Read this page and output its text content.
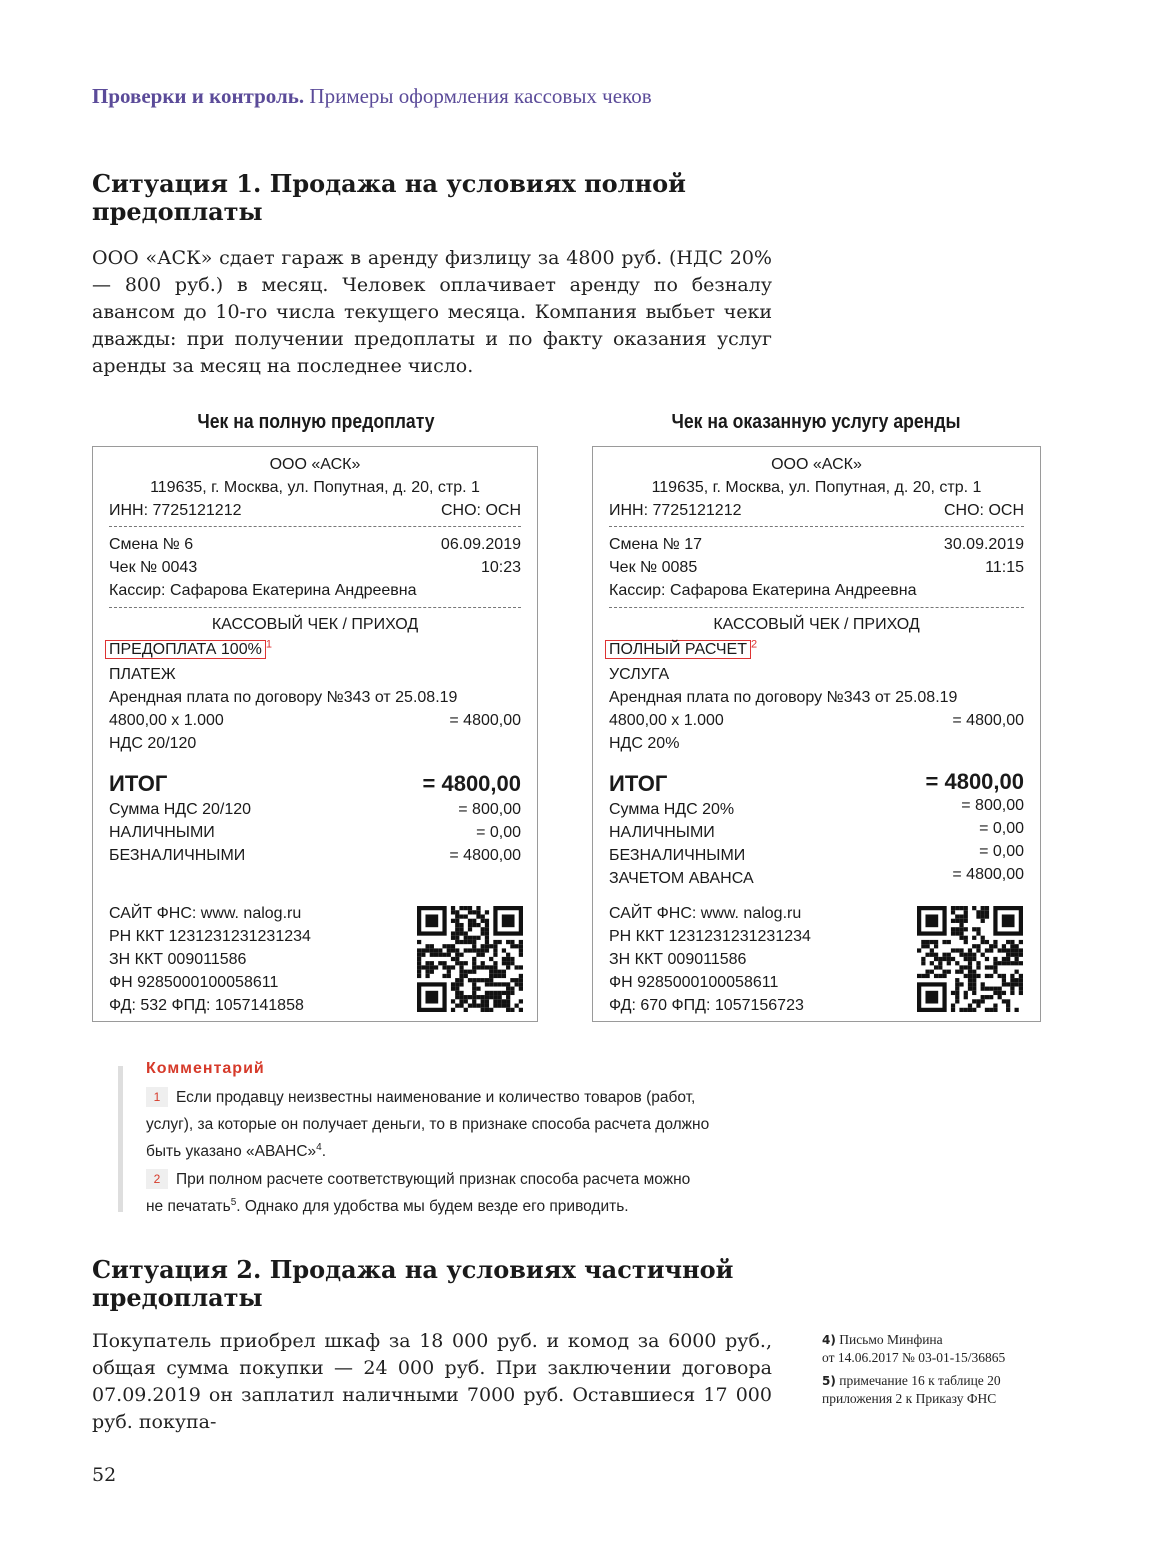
Проверки и контроль. Примеры оформления кассовых чеков
Ситуация 1. Продажа на условиях полной предоплаты
ООО «АСК» сдает гараж в аренду физлицу за 4800 руб. (НДС 20% — 800 руб.) в месяц. Человек оплачивает аренду по безналу авансом до 10-го числа текущего месяца. Компания выбьет чеки дважды: при получении предоплаты и по факту оказания услуг аренды за месяц на последнее число.
Чек на полную предоплату	Чек на оказанную услугу аренды
ООО «АСК»
119635, г. Москва, ул. Попутная, д. 20, стр. 1
ИНН: 7725121212	СНО: ОСН
Смена № 6	06.09.2019
Чек № 0043	10:23
Кассир: Сафарова Екатерина Андреевна
КАССОВЫЙ ЧЕК / ПРИХОД
ПРЕДОПЛАТА 100% $^1$
ПЛАТЕЖ
Арендная плата по договору №343 от 25.08.19
4800,00 x 1.000	= 4800,00
НДС 20/120
ИТОГ	= 4800,00
Сумма НДС 20/120	= 800,00
НАЛИЧНЫМИ	= 0,00
БЕЗНАЛИЧНЫМИ	= 4800,00
САЙТ ФНС: www. nalog.ru
РН ККТ 1231231231231234
ЗН ККТ 009011586
ФН 9285000100058611
ФД: 532 ФПД: 1057141858
ООО «АСК»
119635, г. Москва, ул. Попутная, д. 20, стр. 1
ИНН: 7725121212	СНО: ОСН
Смена № 17	30.09.2019
Чек № 0085	11:15
Кассир: Сафарова Екатерина Андреевна
КАССОВЫЙ ЧЕК / ПРИХОД
ПОЛНЫЙ РАСЧЕТ $^2$
УСЛУГА
Арендная плата по договору №343 от 25.08.19
4800,00 x 1.000	= 4800,00
НДС 20%
ИТОГ	= 4800,00
Сумма НДС 20%	= 800,00
НАЛИЧНЫМИ	= 0,00
БЕЗНАЛИЧНЫМИ	= 0,00
ЗАЧЕТОМ АВАНСА	= 4800,00
САЙТ ФНС: www. nalog.ru
РН ККТ 1231231231231234
ЗН ККТ 009011586
ФН 9285000100058611
ФД: 670 ФПД: 1057156723
Комментарий
1 Если продавцу неизвестны наименование и количество товаров (работ,
услуг), за которые он получает деньги, то в признаке способа расчета должно
быть указано «АВАНС»$^4$.
2 При полном расчете соответствующий признак способа расчета можно
не печатать$^5$. Однако для удобства мы будем везде его приводить.
Ситуация 2. Продажа на условиях частичной предоплаты
Покупатель приобрел шкаф за 18 000 руб. и комод за 6000 руб., общая сумма покупки — 24 000 руб. При заключении договора 07.09.2019 он заплатил наличными 7000 руб. Оставшиеся 17 000 руб. покупа-
4) Письмо Минфина
от 14.06.2017 № 03-01-15/36865
5) примечание 16 к таблице 20
приложения 2 к Приказу ФНС
52
